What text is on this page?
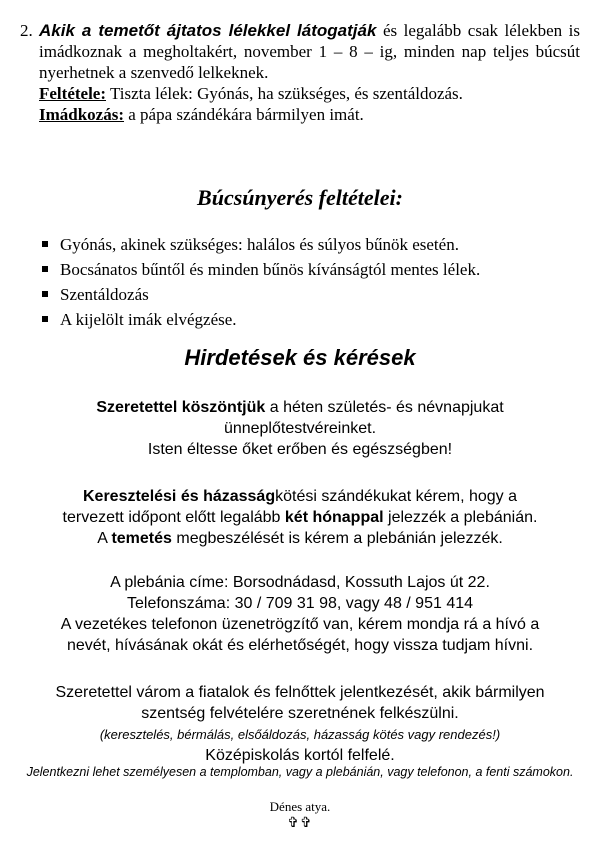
2. Akik a temetőt ájtatos lélekkel látogatják és legalább csak lélekben is imádkoznak a megholtakért, november 1 – 8 – ig, minden nap teljes búcsút nyerhetnek a szenvedő lelkeknek.
Feltétele: Tiszta lélek: Gyónás, ha szükséges, és szentáldozás.
Imádkozás: a pápa szándékára bármilyen imát.
Búcsúnyerés feltételei:
Gyónás, akinek szükséges: halálos és súlyos bűnök esetén.
Bocsánatos bűntől és minden bűnös kívánságtól mentes lélek.
Szentáldozás
A kijelölt imák elvégzése.
Hirdetések és kérések
Szeretettel köszöntjük a héten születés- és névnapjukat
ünneplőtestvéreinket.
Isten éltesse őket erőben és egészségben!
Keresztelési és házasságkötési szándékukat kérem, hogy a
tervezett időpont előtt legalább két hónappal jelezzék a plebánián.
A temetés megbeszélését is kérem a plebánián jelezzék.
A plebánia címe: Borsodnádasd, Kossuth Lajos út 22.
Telefonszáma: 30 / 709 31 98, vagy 48 / 951 414
A vezetékes telefonon üzenetrögzítő van, kérem mondja rá a hívó a
nevét, hívásának okát és elérhetőségét, hogy vissza tudjam hívni.
Szeretettel várom a fiatalok és felnőttek jelentkezését, akik bármilyen
szentség felvételére szeretnének felkészülni.
(keresztelés, bérmálás, elsőáldozás, házasság kötés vagy rendezés!)
Középiskolás kortól felfelé.
Jelentkezni lehet személyesen a templomban, vagy a plebánián, vagy telefonon, a fenti számokon.
Dénes atya.
✞✞
